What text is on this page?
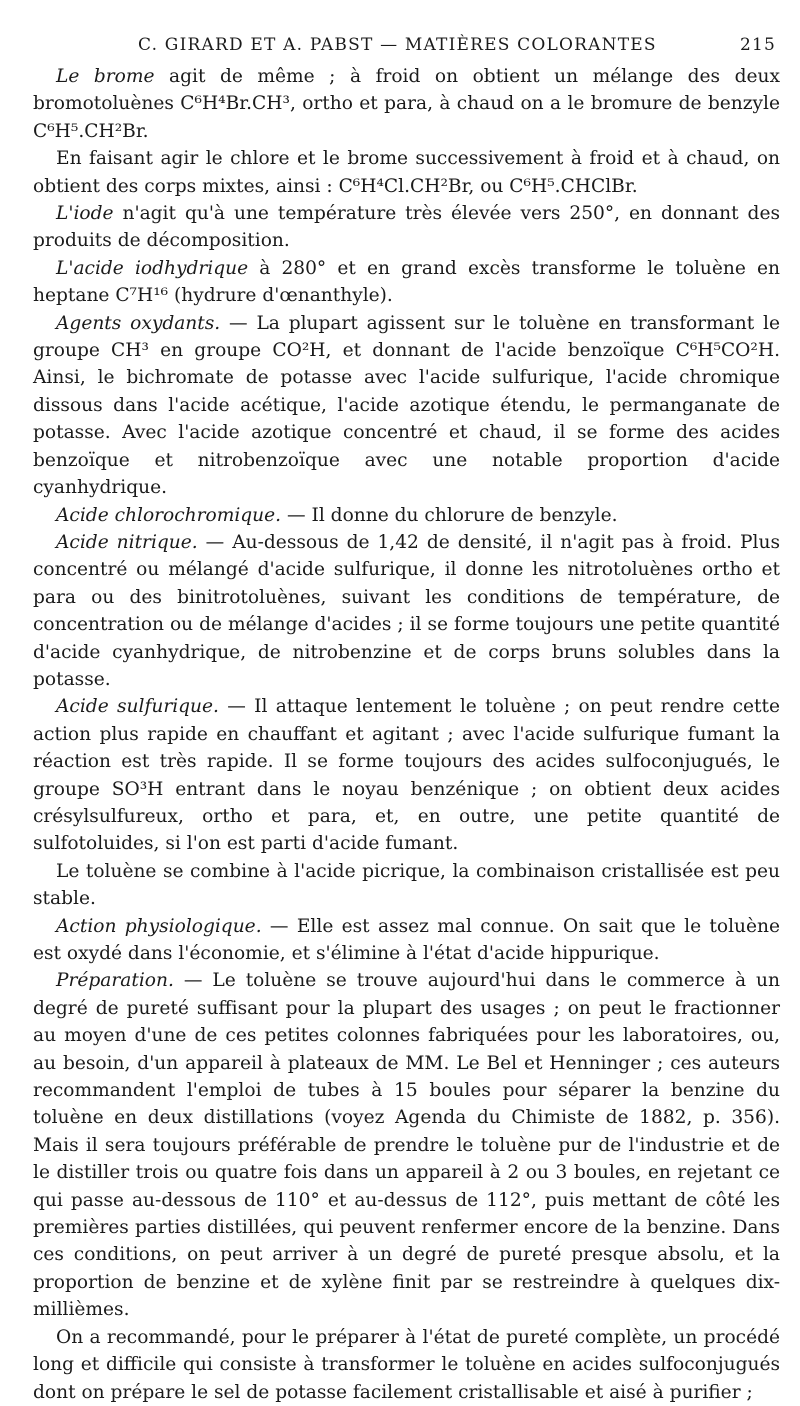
C. GIRARD ET A. PABST — MATIÈRES COLORANTES	215

Le brome agit de même ; à froid on obtient un mélange des deux bromotoluènes C⁶H⁴Br.CH³, ortho et para, à chaud on a le bromure de benzyle C⁶H⁵.CH²Br.

En faisant agir le chlore et le brome successivement à froid et à chaud, on obtient des corps mixtes, ainsi : C⁶H⁴Cl.CH²Br, ou C⁶H⁵.CHClBr.

L'iode n'agit qu'à une température très élevée vers 250°, en donnant des produits de décomposition.

L'acide iodhydrique à 280° et en grand excès transforme le toluène en heptane C⁷H¹⁶ (hydrure d'œnanthyle).

Agents oxydants. — La plupart agissent sur le toluène en transformant le groupe CH³ en groupe CO²H, et donnant de l'acide benzoïque C⁶H⁵CO²H. Ainsi, le bichromate de potasse avec l'acide sulfurique, l'acide chromique dissous dans l'acide acétique, l'acide azotique étendu, le permanganate de potasse. Avec l'acide azotique concentré et chaud, il se forme des acides benzoïque et nitrobenzoïque avec une notable proportion d'acide cyanhydrique.

Acide chlorochromique. — Il donne du chlorure de benzyle.

Acide nitrique. — Au-dessous de 1,42 de densité, il n'agit pas à froid. Plus concentré ou mélangé d'acide sulfurique, il donne les nitrotoluènes ortho et para ou des binitrotoluènes, suivant les conditions de température, de concentration ou de mélange d'acides ; il se forme toujours une petite quantité d'acide cyanhydrique, de nitrobenzine et de corps bruns solubles dans la potasse.

Acide sulfurique. — Il attaque lentement le toluène ; on peut rendre cette action plus rapide en chauffant et agitant ; avec l'acide sulfurique fumant la réaction est très rapide. Il se forme toujours des acides sulfoconjugués, le groupe SO³H entrant dans le noyau benzénique ; on obtient deux acides crésylsulfureux, ortho et para, et, en outre, une petite quantité de sulfotoluides, si l'on est parti d'acide fumant.

Le toluène se combine à l'acide picrique, la combinaison cristallisée est peu stable.

Action physiologique. — Elle est assez mal connue. On sait que le toluène est oxydé dans l'économie, et s'élimine à l'état d'acide hippurique.

Préparation. — Le toluène se trouve aujourd'hui dans le commerce à un degré de pureté suffisant pour la plupart des usages ; on peut le fractionner au moyen d'une de ces petites colonnes fabriquées pour les laboratoires, ou, au besoin, d'un appareil à plateaux de MM. Le Bel et Henninger ; ces auteurs recommandent l'emploi de tubes à 15 boules pour séparer la benzine du toluène en deux distillations (voyez Agenda du Chimiste de 1882, p. 356). Mais il sera toujours préférable de prendre le toluène pur de l'industrie et de le distiller trois ou quatre fois dans un appareil à 2 ou 3 boules, en rejetant ce qui passe au-dessous de 110° et au-dessus de 112°, puis mettant de côté les premières parties distillées, qui peuvent renfermer encore de la benzine. Dans ces conditions, on peut arriver à un degré de pureté presque absolu, et la proportion de benzine et de xylène finit par se restreindre à quelques dix-millièmes.

On a recommandé, pour le préparer à l'état de pureté complète, un procédé long et difficile qui consiste à transformer le toluène en acides sulfoconjugués dont on prépare le sel de potasse facilement cristallisable et aisé à purifier ;
